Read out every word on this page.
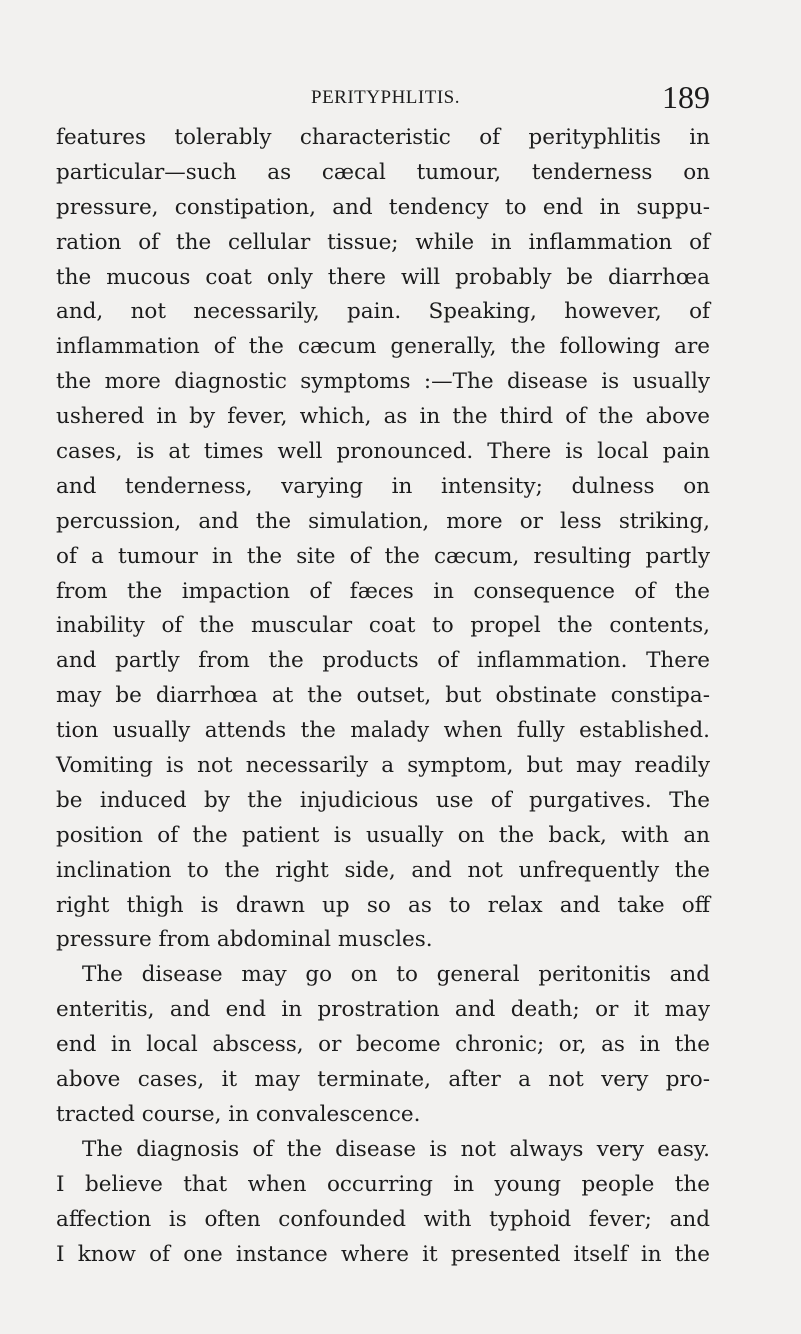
PERITYPHLITIS.	189
features tolerably characteristic of perityphlitis in
particular—such as cæcal tumour, tenderness on
pressure, constipation, and tendency to end in suppu-
ration of the cellular tissue; while in inflammation of
the mucous coat only there will probably be diarrhœa
and, not necessarily, pain. Speaking, however, of
inflammation of the cæcum generally, the following are
the more diagnostic symptoms :—The disease is usually
ushered in by fever, which, as in the third of the above
cases, is at times well pronounced. There is local pain
and tenderness, varying in intensity; dulness on
percussion, and the simulation, more or less striking,
of a tumour in the site of the cæcum, resulting partly
from the impaction of fæces in consequence of the
inability of the muscular coat to propel the contents,
and partly from the products of inflammation. There
may be diarrhœa at the outset, but obstinate constipa-
tion usually attends the malady when fully established.
Vomiting is not necessarily a symptom, but may readily
be induced by the injudicious use of purgatives. The
position of the patient is usually on the back, with an
inclination to the right side, and not unfrequently the
right thigh is drawn up so as to relax and take off
pressure from abdominal muscles.
The disease may go on to general peritonitis and
enteritis, and end in prostration and death; or it may
end in local abscess, or become chronic; or, as in the
above cases, it may terminate, after a not very pro-
tracted course, in convalescence.
The diagnosis of the disease is not always very easy.
I believe that when occurring in young people the
affection is often confounded with typhoid fever; and
I know of one instance where it presented itself in the
